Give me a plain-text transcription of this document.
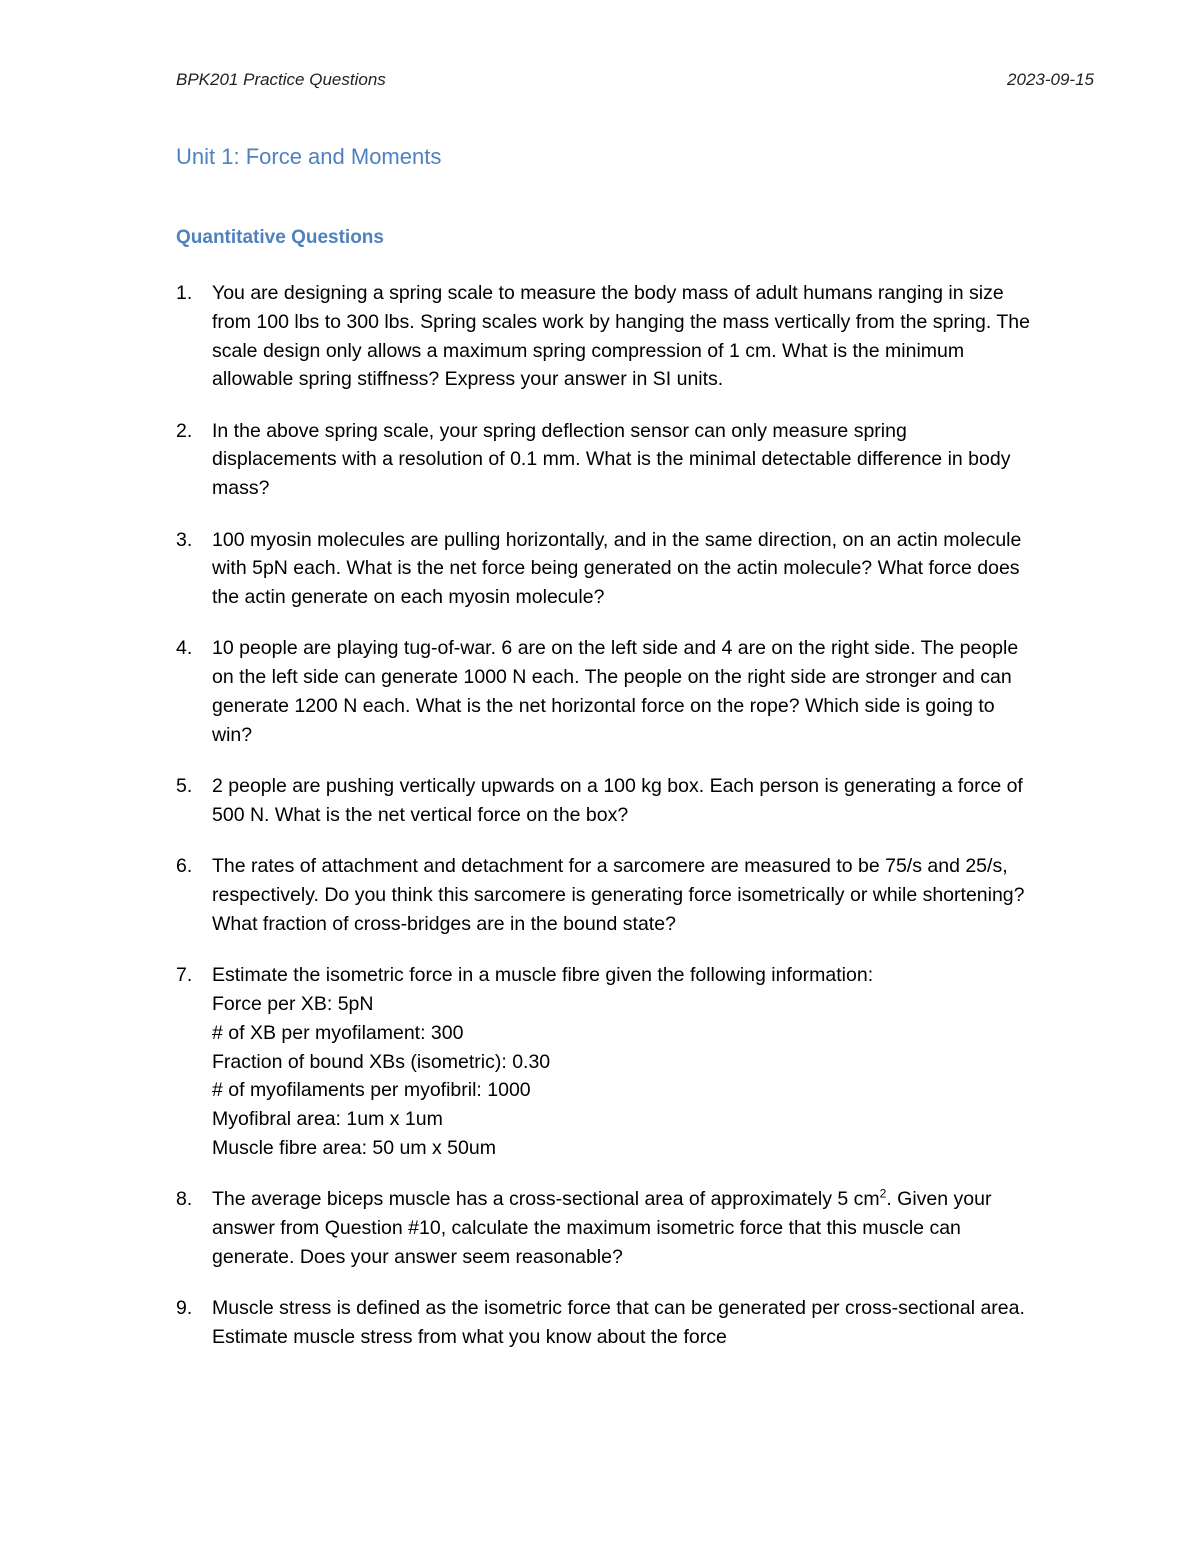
BPK201 Practice Questions	2023-09-15
Unit 1: Force and Moments
Quantitative Questions
1.	You are designing a spring scale to measure the body mass of adult humans ranging in size from 100 lbs to 300 lbs. Spring scales work by hanging the mass vertically from the spring. The scale design only allows a maximum spring compression of 1 cm. What is the minimum allowable spring stiffness? Express your answer in SI units.
2.	In the above spring scale, your spring deflection sensor can only measure spring displacements with a resolution of 0.1 mm. What is the minimal detectable difference in body mass?
3.	100 myosin molecules are pulling horizontally, and in the same direction, on an actin molecule with 5pN each. What is the net force being generated on the actin molecule? What force does the actin generate on each myosin molecule?
4.	10 people are playing tug-of-war. 6 are on the left side and 4 are on the right side. The people on the left side can generate 1000 N each. The people on the right side are stronger and can generate 1200 N each. What is the net horizontal force on the rope? Which side is going to win?
5.	2 people are pushing vertically upwards on a 100 kg box. Each person is generating a force of 500 N. What is the net vertical force on the box?
6.	The rates of attachment and detachment for a sarcomere are measured to be 75/s and 25/s, respectively. Do you think this sarcomere is generating force isometrically or while shortening? What fraction of cross-bridges are in the bound state?
7.	Estimate the isometric force in a muscle fibre given the following information:
Force per XB: 5pN
# of XB per myofilament: 300
Fraction of bound XBs (isometric): 0.30
# of myofilaments per myofibril: 1000
Myofibral area: 1um x 1um
Muscle fibre area: 50 um x 50um
8.	The average biceps muscle has a cross-sectional area of approximately 5 $cm^2$. Given your answer from Question #10, calculate the maximum isometric force that this muscle can generate. Does your answer seem reasonable?
9.	Muscle stress is defined as the isometric force that can be generated per cross-sectional area. Estimate muscle stress from what you know about the force
